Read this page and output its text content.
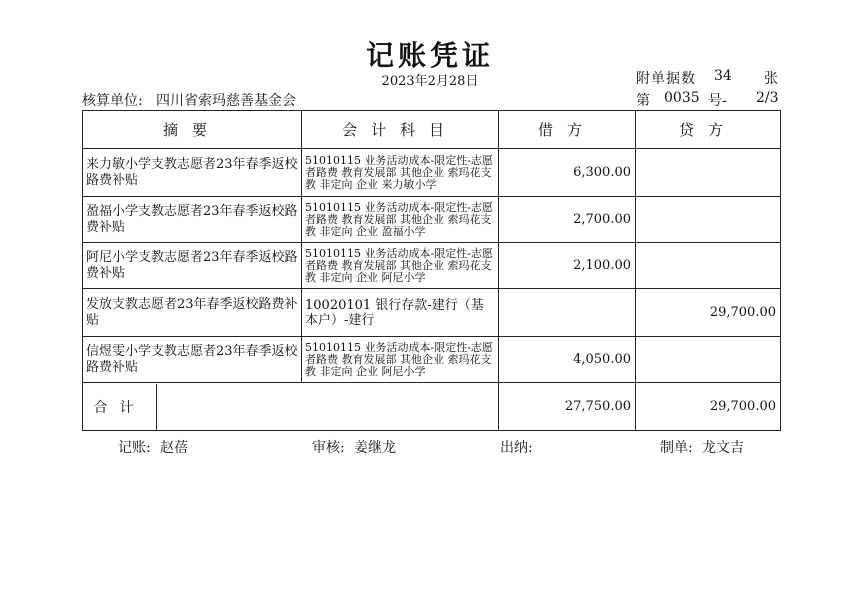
记账凭证
2023年2月28日	附单据数 34 张
核算单位: 四川省索玛慈善基金会	第 0035 号- 2/3
摘要	会计科目	借方	贷方
来力敏小学支教志愿者23年春季返校路费补贴	51010115 业务活动成本-限定性-志愿者路费 教育发展部 其他企业 索玛花支教 非定向 企业 来力敏小学	6,300.00	
盈福小学支教志愿者23年春季返校路费补贴	51010115 业务活动成本-限定性-志愿者路费 教育发展部 其他企业 索玛花支教 非定向 企业 盈福小学	2,700.00	
阿尼小学支教志愿者23年春季返校路费补贴	51010115 业务活动成本-限定性-志愿者路费 教育发展部 其他企业 索玛花支教 非定向 企业 阿尼小学	2,100.00	
发放支教志愿者23年春季返校路费补贴	10020101 银行存款-建行（基本户）-建行		29,700.00
信煜雯小学支教志愿者23年春季返校路费补贴	51010115 业务活动成本-限定性-志愿者路费 教育发展部 其他企业 索玛花支教 非定向 企业 阿尼小学	4,050.00	

合计		27,750.00	29,700.00
记账: 赵蓓	审核: 姜继龙	出纳:	制单: 龙文吉
